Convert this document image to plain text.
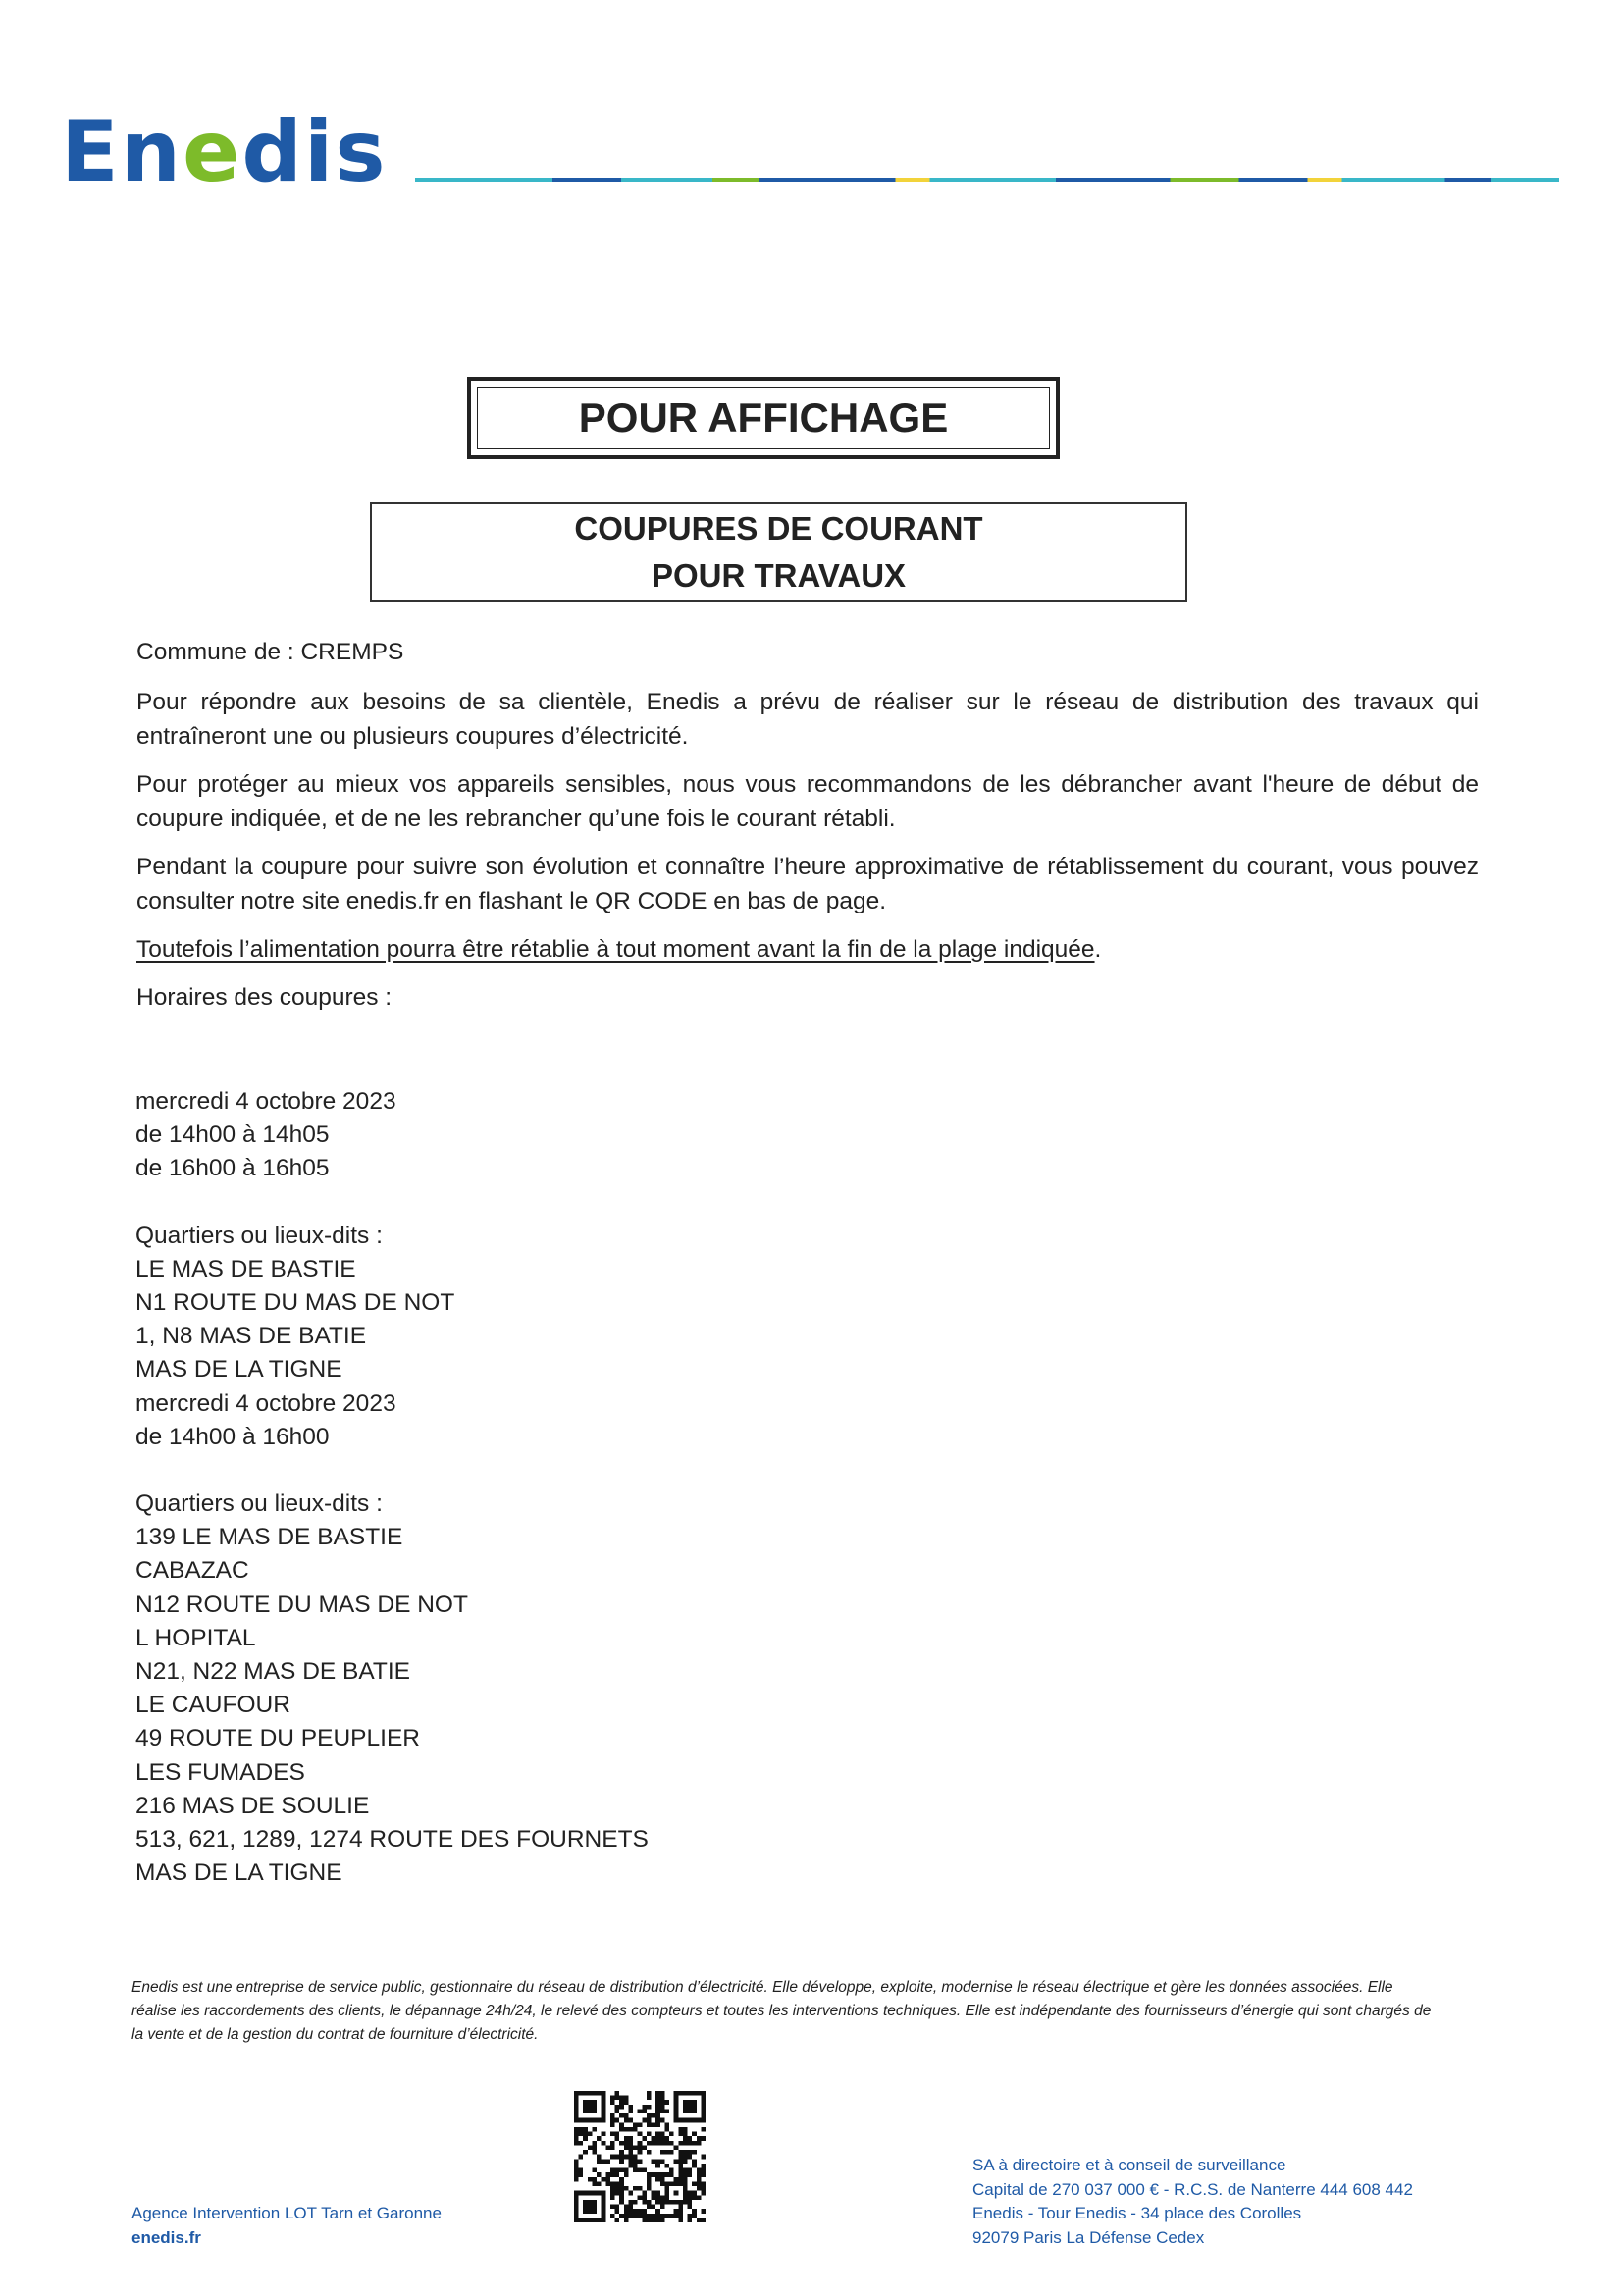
Enedis
POUR AFFICHAGE
COUPURES DE COURANT
POUR TRAVAUX

Commune de : CREMPS

Pour répondre aux besoins de sa clientèle, Enedis a prévu de réaliser sur le réseau de distribution des travaux qui entraîneront une ou plusieurs coupures d’électricité.

Pour protéger au mieux vos appareils sensibles, nous vous recommandons de les débrancher avant l'heure de début de coupure indiquée, et de ne les rebrancher qu’une fois le courant rétabli.

Pendant la coupure pour suivre son évolution et connaître l’heure approximative de rétablissement du courant, vous pouvez consulter notre site enedis.fr en flashant le QR CODE en bas de page.

Toutefois l’alimentation pourra être rétablie à tout moment avant la fin de la plage indiquée.

Horaires des coupures :

mercredi 4 octobre 2023
de 14h00 à 14h05
de 16h00 à 16h05
Quartiers ou lieux-dits :
LE MAS DE BASTIE
N1 ROUTE DU MAS DE NOT
1, N8 MAS DE BATIE
MAS DE LA TIGNE
mercredi 4 octobre 2023
de 14h00 à 16h00
Quartiers ou lieux-dits :
139 LE MAS DE BASTIE
CABAZAC
N12 ROUTE DU MAS DE NOT
L HOPITAL
N21, N22 MAS DE BATIE
LE CAUFOUR
49 ROUTE DU PEUPLIER
LES FUMADES
216 MAS DE SOULIE
513, 621, 1289, 1274 ROUTE DES FOURNETS
MAS DE LA TIGNE
Enedis est une entreprise de service public, gestionnaire du réseau de distribution d’électricité. Elle développe, exploite, modernise le réseau électrique et gère les données associées. Elle réalise les raccordements des clients, le dépannage 24h/24, le relevé des compteurs et toutes les interventions techniques. Elle est indépendante des fournisseurs d’énergie qui sont chargés de la vente et de la gestion du contrat de fourniture d’électricité.
Agence Intervention LOT Tarn et Garonne
enedis.fr
SA à directoire et à conseil de surveillance
Capital de 270 037 000 € - R.C.S. de Nanterre 444 608 442
Enedis - Tour Enedis - 34 place des Corolles
92079 Paris La Défense Cedex
